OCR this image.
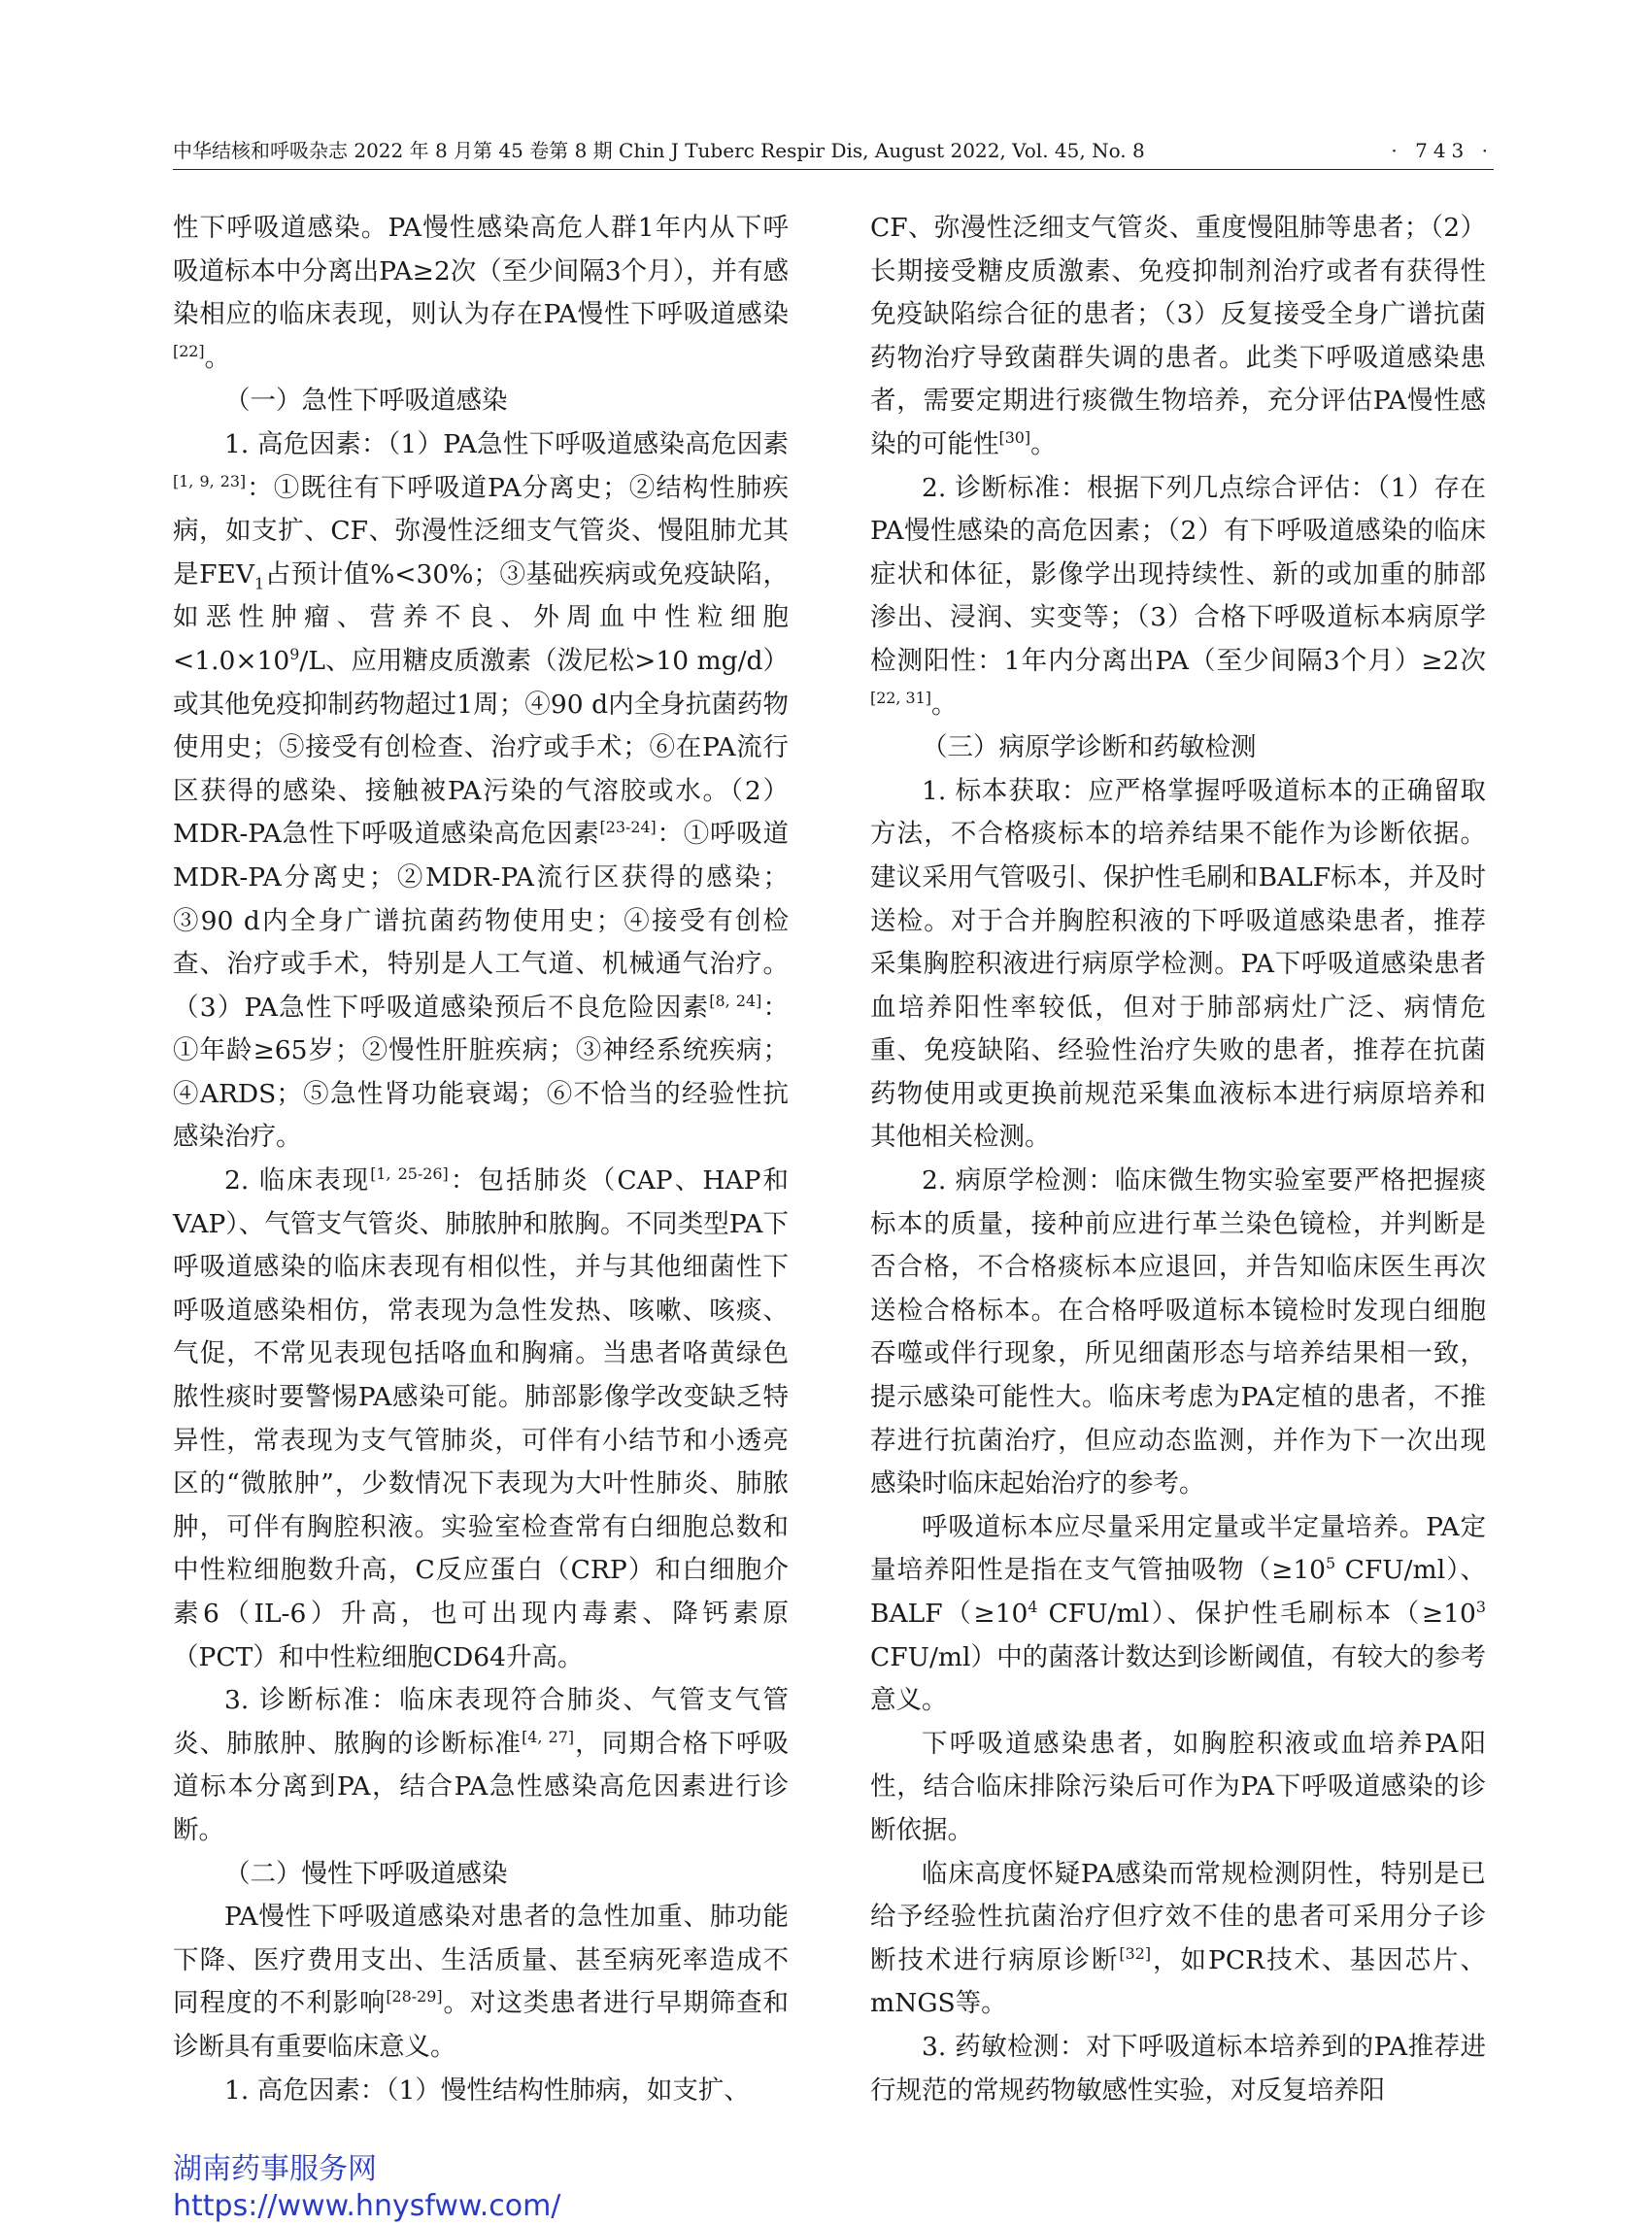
中华结核和呼吸杂志 2022 年 8 月第 45 卷第 8 期 Chin J Tuberc Respir Dis, August 2022, Vol. 45, No. 8	· 743 ·

性下呼吸道感染。PA慢性感染高危人群1年内从下呼吸道标本中分离出PA≥2次（至少间隔3个月），并有感染相应的临床表现，则认为存在PA慢性下呼吸道感染[22]。

（一）急性下呼吸道感染

1. 高危因素：（1）PA急性下呼吸道感染高危因素[1, 9, 23]：①既往有下呼吸道PA分离史；②结构性肺疾病，如支扩、CF、弥漫性泛细支气管炎、慢阻肺尤其是$FEV_1$占预计值%<30%；③基础疾病或免疫缺陷，如恶性肿瘤、营养不良、外周血中性粒细胞$<1.0\times 10^9/L$、应用糖皮质激素（泼尼松>10 mg/d）或其他免疫抑制药物超过1周；④90 d内全身抗菌药物使用史；⑤接受有创检查、治疗或手术；⑥在PA流行区获得的感染、接触被PA污染的气溶胶或水。（2）MDR-PA急性下呼吸道感染高危因素[23-24]：①呼吸道MDR-PA分离史；②MDR-PA流行区获得的感染；③90 d内全身广谱抗菌药物使用史；④接受有创检查、治疗或手术，特别是人工气道、机械通气治疗。（3）PA急性下呼吸道感染预后不良危险因素[8, 24]：①年龄≥65岁；②慢性肝脏疾病；③神经系统疾病；④ARDS；⑤急性肾功能衰竭；⑥不恰当的经验性抗感染治疗。

2. 临床表现[1, 25-26]：包括肺炎（CAP、HAP和VAP）、气管支气管炎、肺脓肿和脓胸。不同类型PA下呼吸道感染的临床表现有相似性，并与其他细菌性下呼吸道感染相仿，常表现为急性发热、咳嗽、咳痰、气促，不常见表现包括咯血和胸痛。当患者咯黄绿色脓性痰时要警惕PA感染可能。肺部影像学改变缺乏特异性，常表现为支气管肺炎，可伴有小结节和小透亮区的“微脓肿”，少数情况下表现为大叶性肺炎、肺脓肿，可伴有胸腔积液。实验室检查常有白细胞总数和中性粒细胞数升高，C反应蛋白（CRP）和白细胞介素6（IL-6）升高，也可出现内毒素、降钙素原（PCT）和中性粒细胞CD64升高。

3. 诊断标准：临床表现符合肺炎、气管支气管炎、肺脓肿、脓胸的诊断标准[4, 27]，同期合格下呼吸道标本分离到PA，结合PA急性感染高危因素进行诊断。

（二）慢性下呼吸道感染

PA慢性下呼吸道感染对患者的急性加重、肺功能下降、医疗费用支出、生活质量、甚至病死率造成不同程度的不利影响[28-29]。对这类患者进行早期筛查和诊断具有重要临床意义。

1. 高危因素：（1）慢性结构性肺病，如支扩、

CF、弥漫性泛细支气管炎、重度慢阻肺等患者；（2）长期接受糖皮质激素、免疫抑制剂治疗或者有获得性免疫缺陷综合征的患者；（3）反复接受全身广谱抗菌药物治疗导致菌群失调的患者。此类下呼吸道感染患者，需要定期进行痰微生物培养，充分评估PA慢性感染的可能性[30]。

2. 诊断标准：根据下列几点综合评估：（1）存在PA慢性感染的高危因素；（2）有下呼吸道感染的临床症状和体征，影像学出现持续性、新的或加重的肺部渗出、浸润、实变等；（3）合格下呼吸道标本病原学检测阳性：1年内分离出PA（至少间隔3个月）≥2次[22, 31]。

（三）病原学诊断和药敏检测

1. 标本获取：应严格掌握呼吸道标本的正确留取方法，不合格痰标本的培养结果不能作为诊断依据。建议采用气管吸引、保护性毛刷和BALF标本，并及时送检。对于合并胸腔积液的下呼吸道感染患者，推荐采集胸腔积液进行病原学检测。PA下呼吸道感染患者血培养阳性率较低，但对于肺部病灶广泛、病情危重、免疫缺陷、经验性治疗失败的患者，推荐在抗菌药物使用或更换前规范采集血液标本进行病原培养和其他相关检测。

2. 病原学检测：临床微生物实验室要严格把握痰标本的质量，接种前应进行革兰染色镜检，并判断是否合格，不合格痰标本应退回，并告知临床医生再次送检合格标本。在合格呼吸道标本镜检时发现白细胞吞噬或伴行现象，所见细菌形态与培养结果相一致，提示感染可能性大。临床考虑为PA定植的患者，不推荐进行抗菌治疗，但应动态监测，并作为下一次出现感染时临床起始治疗的参考。

呼吸道标本应尽量采用定量或半定量培养。PA定量培养阳性是指在支气管抽吸物（$\ge 10^5$ CFU/ml）、$BALF(\ge 10^4$ CFU/ml）、保护性毛刷标本（$\ge 10^3$ CFU/ml）中的菌落计数达到诊断阈值，有较大的参考意义。

下呼吸道感染患者，如胸腔积液或血培养PA阳性，结合临床排除污染后可作为PA下呼吸道感染的诊断依据。

临床高度怀疑PA感染而常规检测阴性，特别是已给予经验性抗菌治疗但疗效不佳的患者可采用分子诊断技术进行病原诊断[32]，如PCR技术、基因芯片、mNGS等。

3. 药敏检测：对下呼吸道标本培养到的PA推荐进行规范的常规药物敏感性实验，对反复培养阳

湖南药事服务网
https://www.hnysfww.com/
